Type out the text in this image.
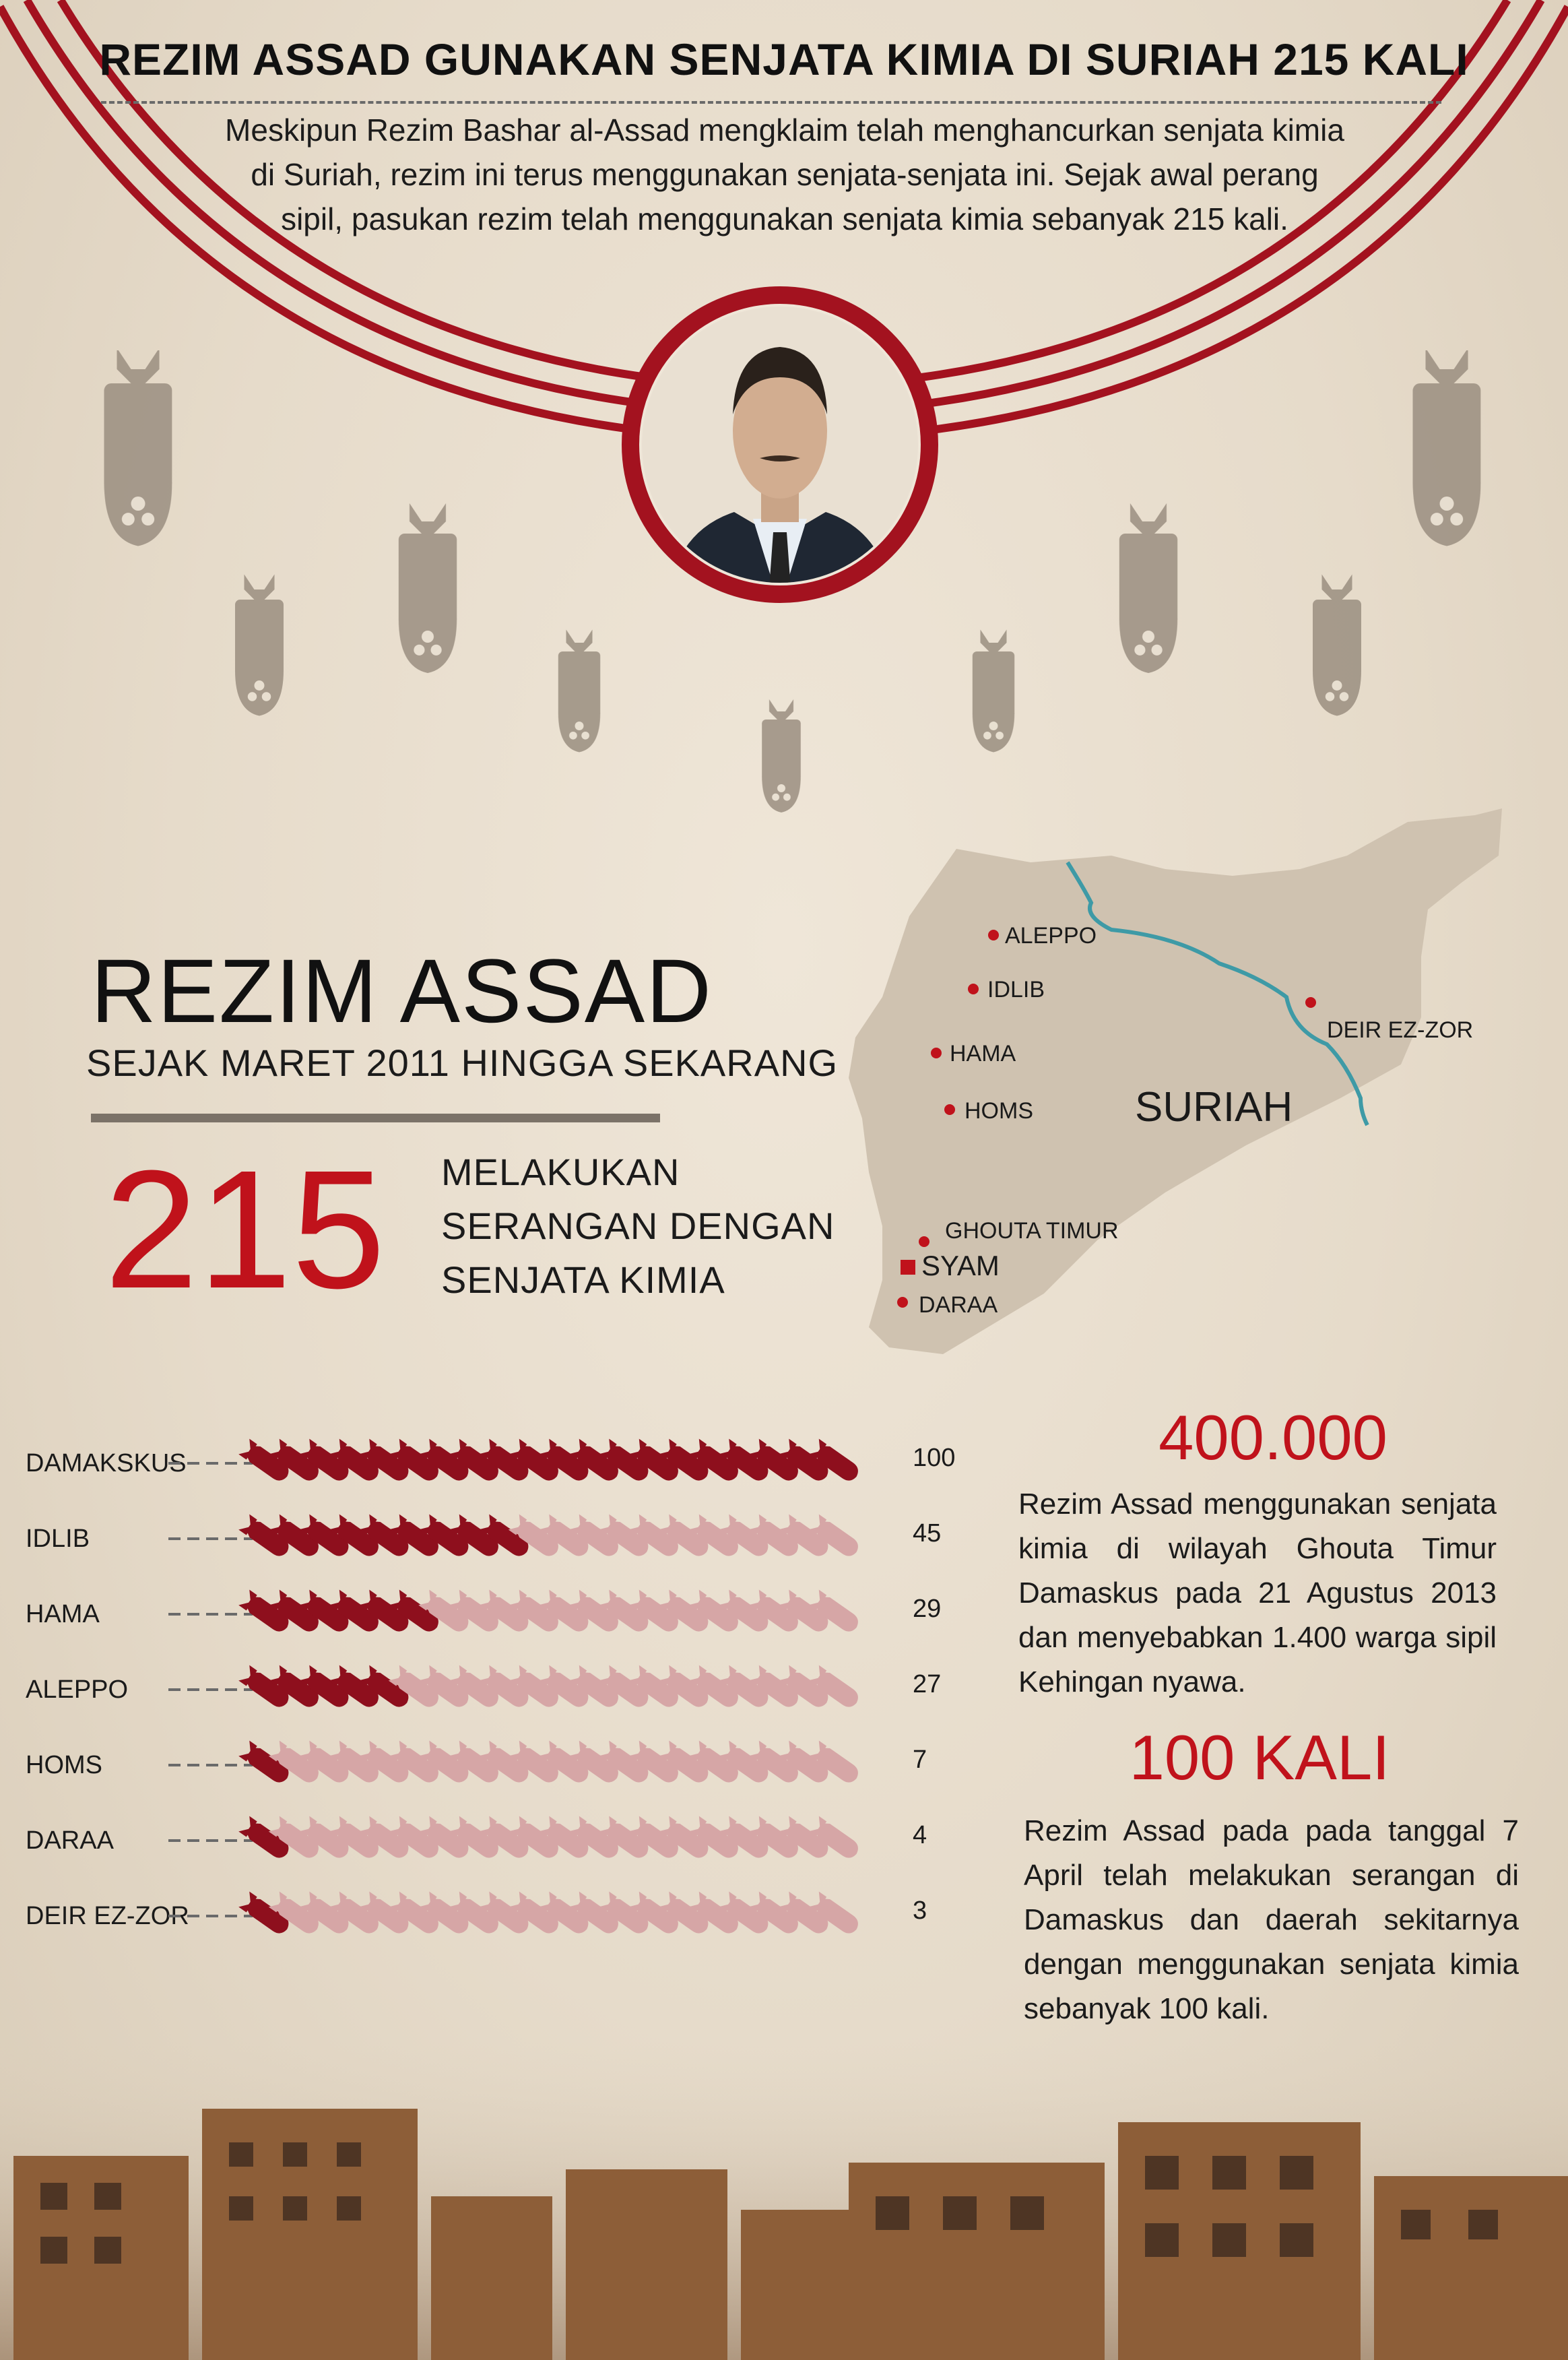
REZIM ASSAD GUNAKAN SENJATA KIMIA DI SURIAH 215 KALI
Meskipun Rezim Bashar al-Assad mengklaim telah menghancurkan senjata kimia di Suriah, rezim ini terus menggunakan senjata-senjata ini. Sejak awal perang sipil, pasukan rezim telah menggunakan senjata kimia sebanyak 215 kali.
REZIM ASSAD
SEJAK MARET 2011 HINGGA SEKARANG
215 MELAKUKAN SERANGAN DENGAN SENJATA KIMIA
ALEPPO
IDLIB
HAMA
HOMS
DEIR EZ-ZOR
GHOUTA TIMUR
SYAM
DARAA
SURIAH
DAMAKSKUS	100
IDLIB	45
HAMA	29
ALEPPO	27
HOMS	7
DARAA	4
DEIR EZ-ZOR	3
400.000
Rezim Assad menggunakan senjata kimia di wilayah Ghouta Timur Damaskus pada 21 Agustus 2013 dan menyebabkan 1.400 warga sipil Kehingan nyawa.
100 KALI
Rezim Assad pada pada tanggal 7 April telah melakukan serangan di Damaskus dan daerah sekitarnya dengan menggunakan senjata kimia sebanyak 100 kali.
